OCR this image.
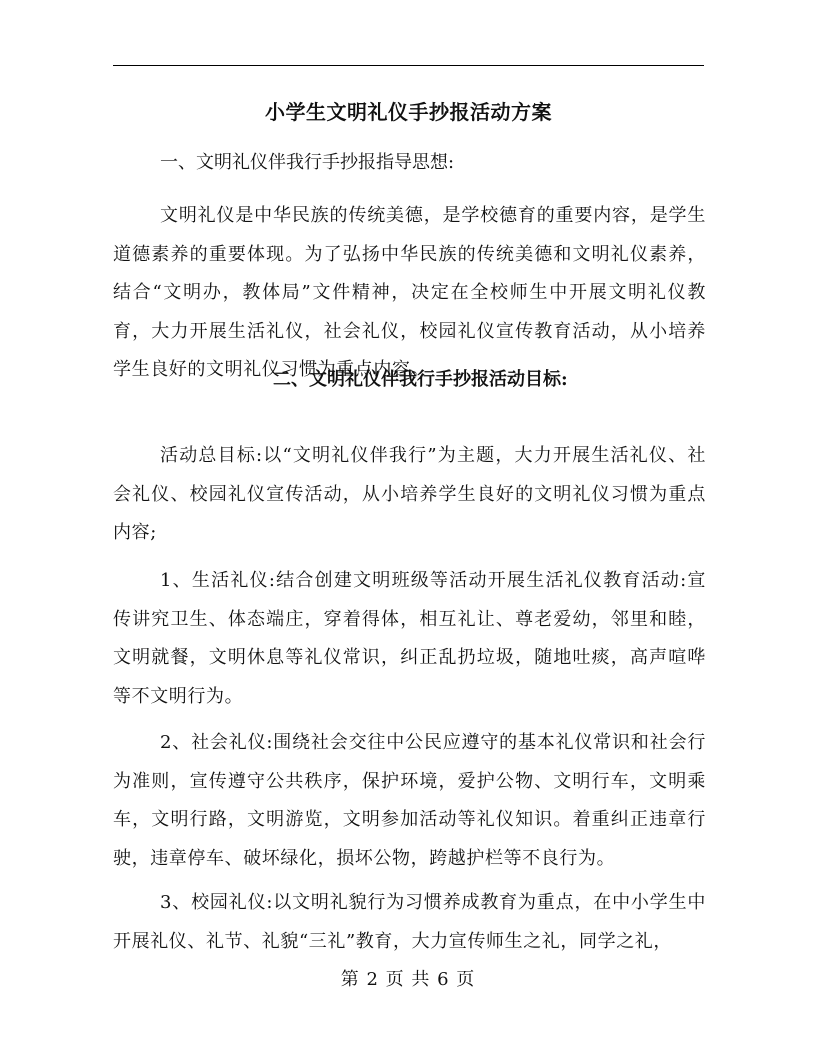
小学生文明礼仪手抄报活动方案
一、文明礼仪伴我行手抄报指导思想:

文明礼仪是中华民族的传统美德，是学校德育的重要内容，是学生道德素养的重要体现。为了弘扬中华民族的传统美德和文明礼仪素养，结合“文明办，教体局”文件精神，决定在全校师生中开展文明礼仪教育，大力开展生活礼仪，社会礼仪，校园礼仪宣传教育活动，从小培养学生良好的文明礼仪习惯为重点内容。

二、文明礼仪伴我行手抄报活动目标:

活动总目标:以“文明礼仪伴我行”为主题，大力开展生活礼仪、社会礼仪、校园礼仪宣传活动，从小培养学生良好的文明礼仪习惯为重点内容;

1、生活礼仪:结合创建文明班级等活动开展生活礼仪教育活动:宣传讲究卫生、体态端庄，穿着得体，相互礼让、尊老爱幼，邻里和睦，文明就餐，文明休息等礼仪常识，纠正乱扔垃圾，随地吐痰，高声喧哗等不文明行为。

2、社会礼仪:围绕社会交往中公民应遵守的基本礼仪常识和社会行为准则，宣传遵守公共秩序，保护环境，爱护公物、文明行车，文明乘车，文明行路，文明游览，文明参加活动等礼仪知识。着重纠正违章行驶，违章停车、破坏绿化，损坏公物，跨越护栏等不良行为。

3、校园礼仪:以文明礼貌行为习惯养成教育为重点，在中小学生中开展礼仪、礼节、礼貌“三礼”教育，大力宣传师生之礼，同学之礼，

第 2 页 共 6 页
